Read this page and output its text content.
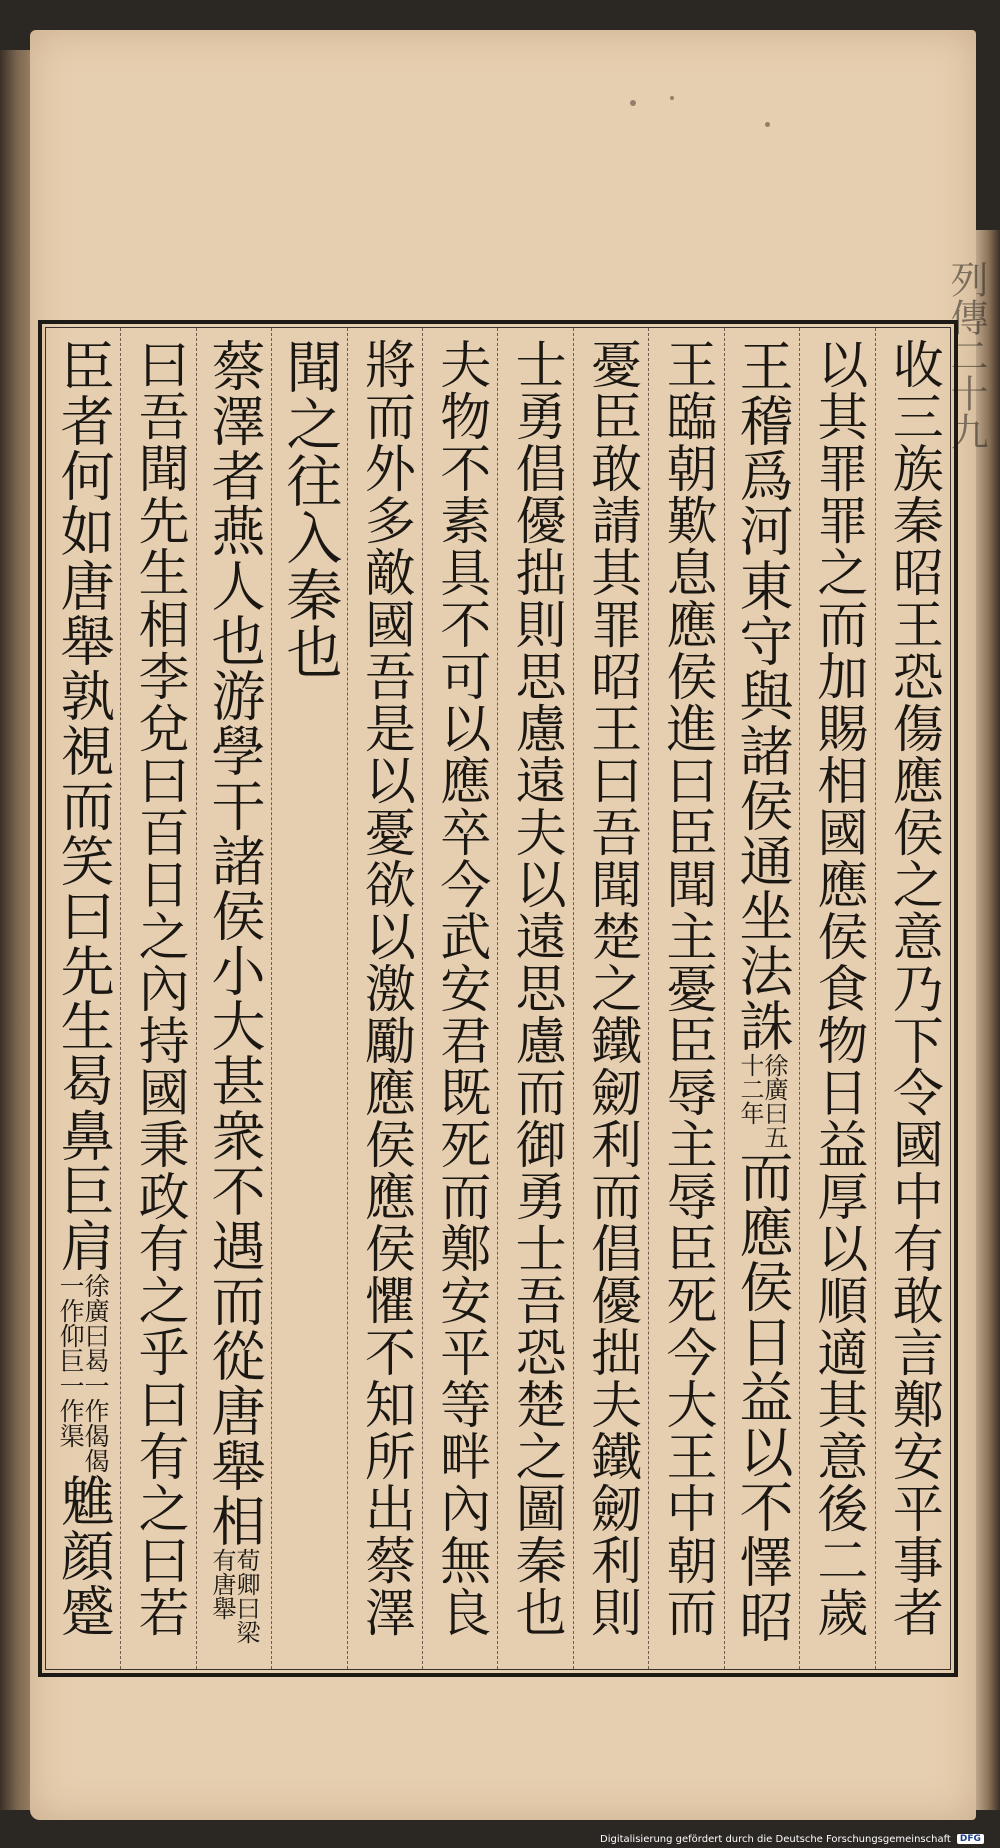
列傳二十九
收三族秦昭王恐傷應侯之意乃下令國中有敢言鄭安平事者
以其罪罪之而加賜相國應侯食物日益厚以順適其意後二歲
王稽爲河東守與諸侯通坐法誅
徐廣曰五
十二年
而應侯日益以不懌昭
王臨朝歎息應侯進曰臣聞主憂臣辱主辱臣死今大王中朝而
憂臣敢請其罪昭王曰吾聞楚之鐵劒利而倡優拙夫鐵劒利則
士勇倡優拙則思慮遠夫以遠思慮而御勇士吾恐楚之圖秦也
夫物不素具不可以應卒今武安君既死而鄭安平等畔內無良
將而外多敵國吾是以憂欲以激勵應侯應侯懼不知所出蔡澤
聞之往入秦也
蔡澤者燕人也游學干諸侯小大甚衆不遇而從唐舉相
荀卿曰梁
有唐舉
曰吾聞先生相李兌曰百日之內持國秉政有之乎曰有之曰若
臣者何如唐舉孰視而笑曰先生曷鼻巨肩
徐廣曰曷一作偈偈
一作仰巨一作渠
魋顔蹙
Digitalisierung gefördert durch die Deutsche Forschungsgemeinschaft	DFG
